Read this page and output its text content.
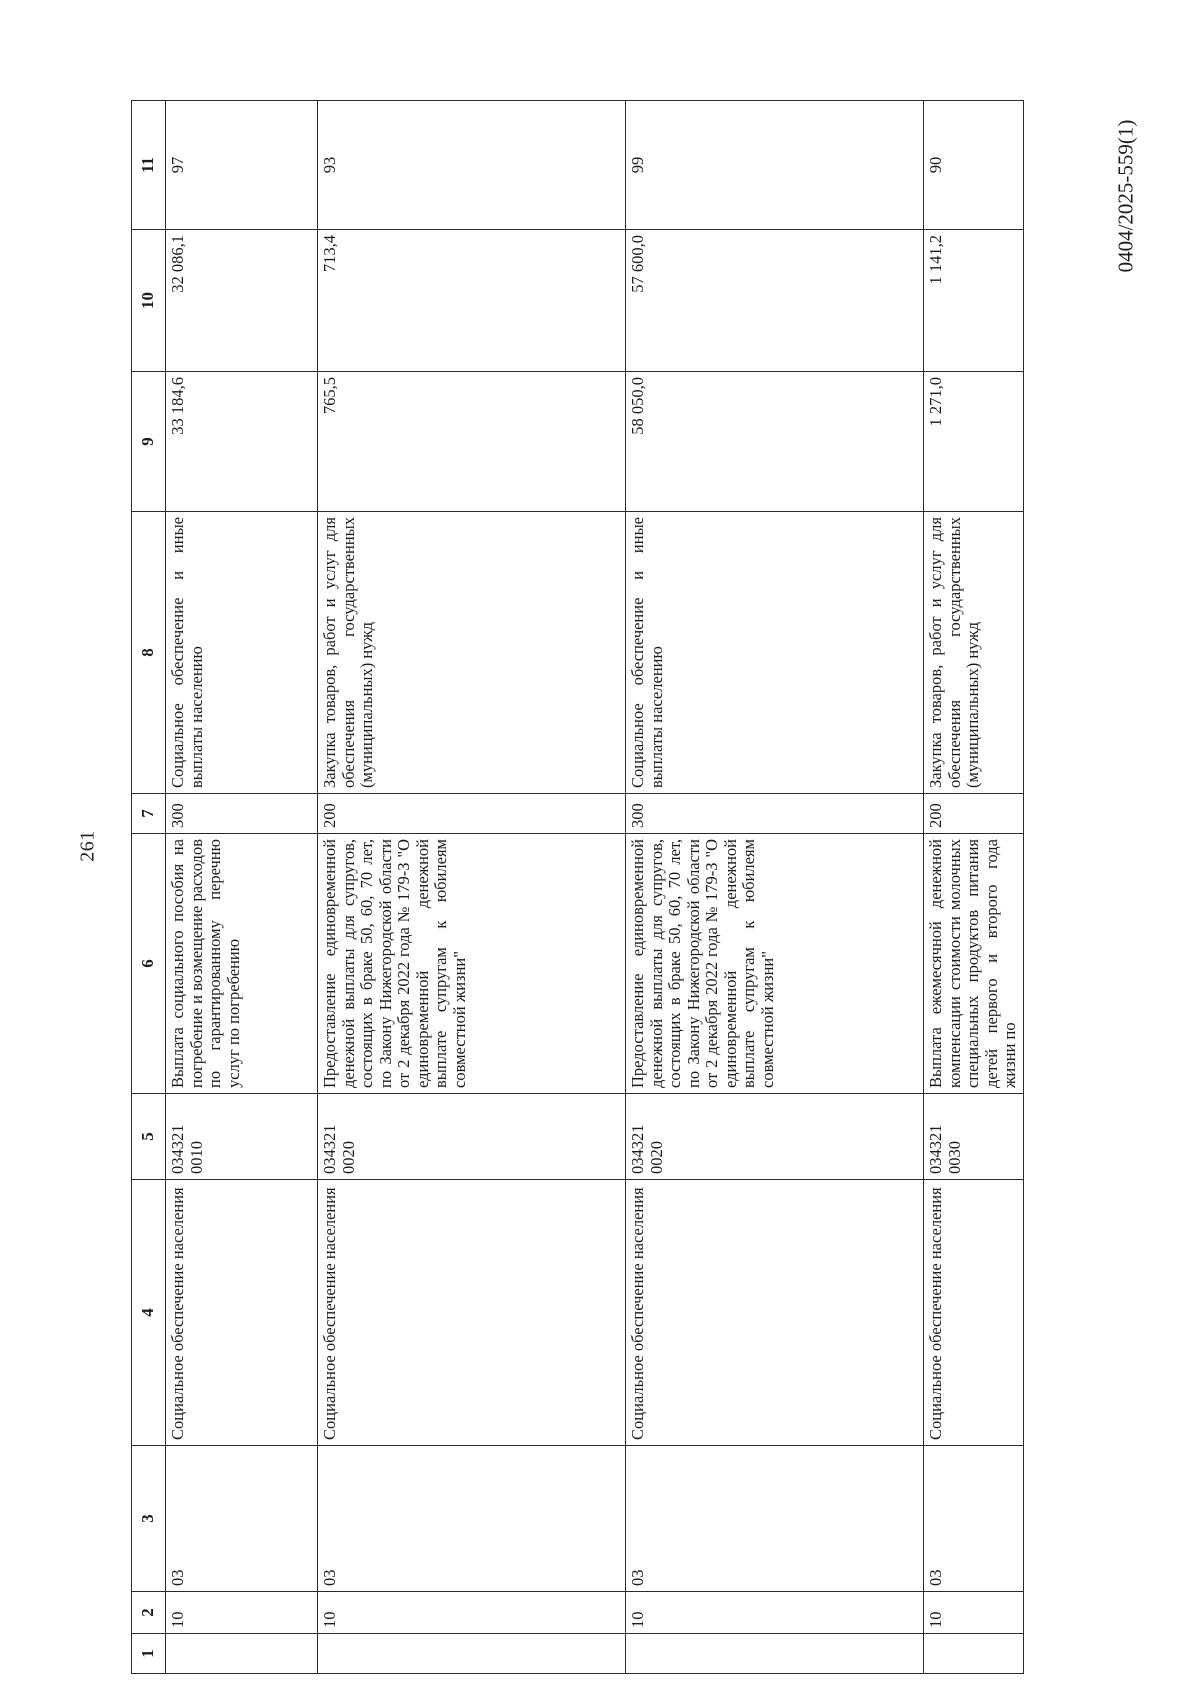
261
0404/2025-559(1)
1	2	3	4	5	6	7	8	9	10	11
	10	03	Социальное обеспечение населения	034321 0010	Выплата социального пособия на погребение и возмещение расходов по гарантированному перечню услуг по погребению	300	Социальное обеспечение и иные выплаты населению	33 184,6	32 086,1	97
	10	03	Социальное обеспечение населения	034321 0020	Предоставление единовременной денежной выплаты для супругов, состоящих в браке 50, 60, 70 лет, по Закону Нижегородской области от 2 декабря 2022 года № 179-З "О единовременной денежной выплате супругам к юбилеям совместной жизни"	200	Закупка товаров, работ и услуг для обеспечения государственных (муниципальных) нужд	765,5	713,4	93
	10	03	Социальное обеспечение населения	034321 0020	Предоставление единовременной денежной выплаты для супругов, состоящих в браке 50, 60, 70 лет, по Закону Нижегородской области от 2 декабря 2022 года № 179-З "О единовременной денежной выплате супругам к юбилеям совместной жизни"	300	Социальное обеспечение и иные выплаты населению	58 050,0	57 600,0	99
	10	03	Социальное обеспечение населения	034321 0030	Выплата ежемесячной денежной компенсации стоимости молочных специальных продуктов питания детей первого и второго года жизни по	200	Закупка товаров, работ и услуг для обеспечения государственных (муниципальных) нужд	1 271,0	1 141,2	90
